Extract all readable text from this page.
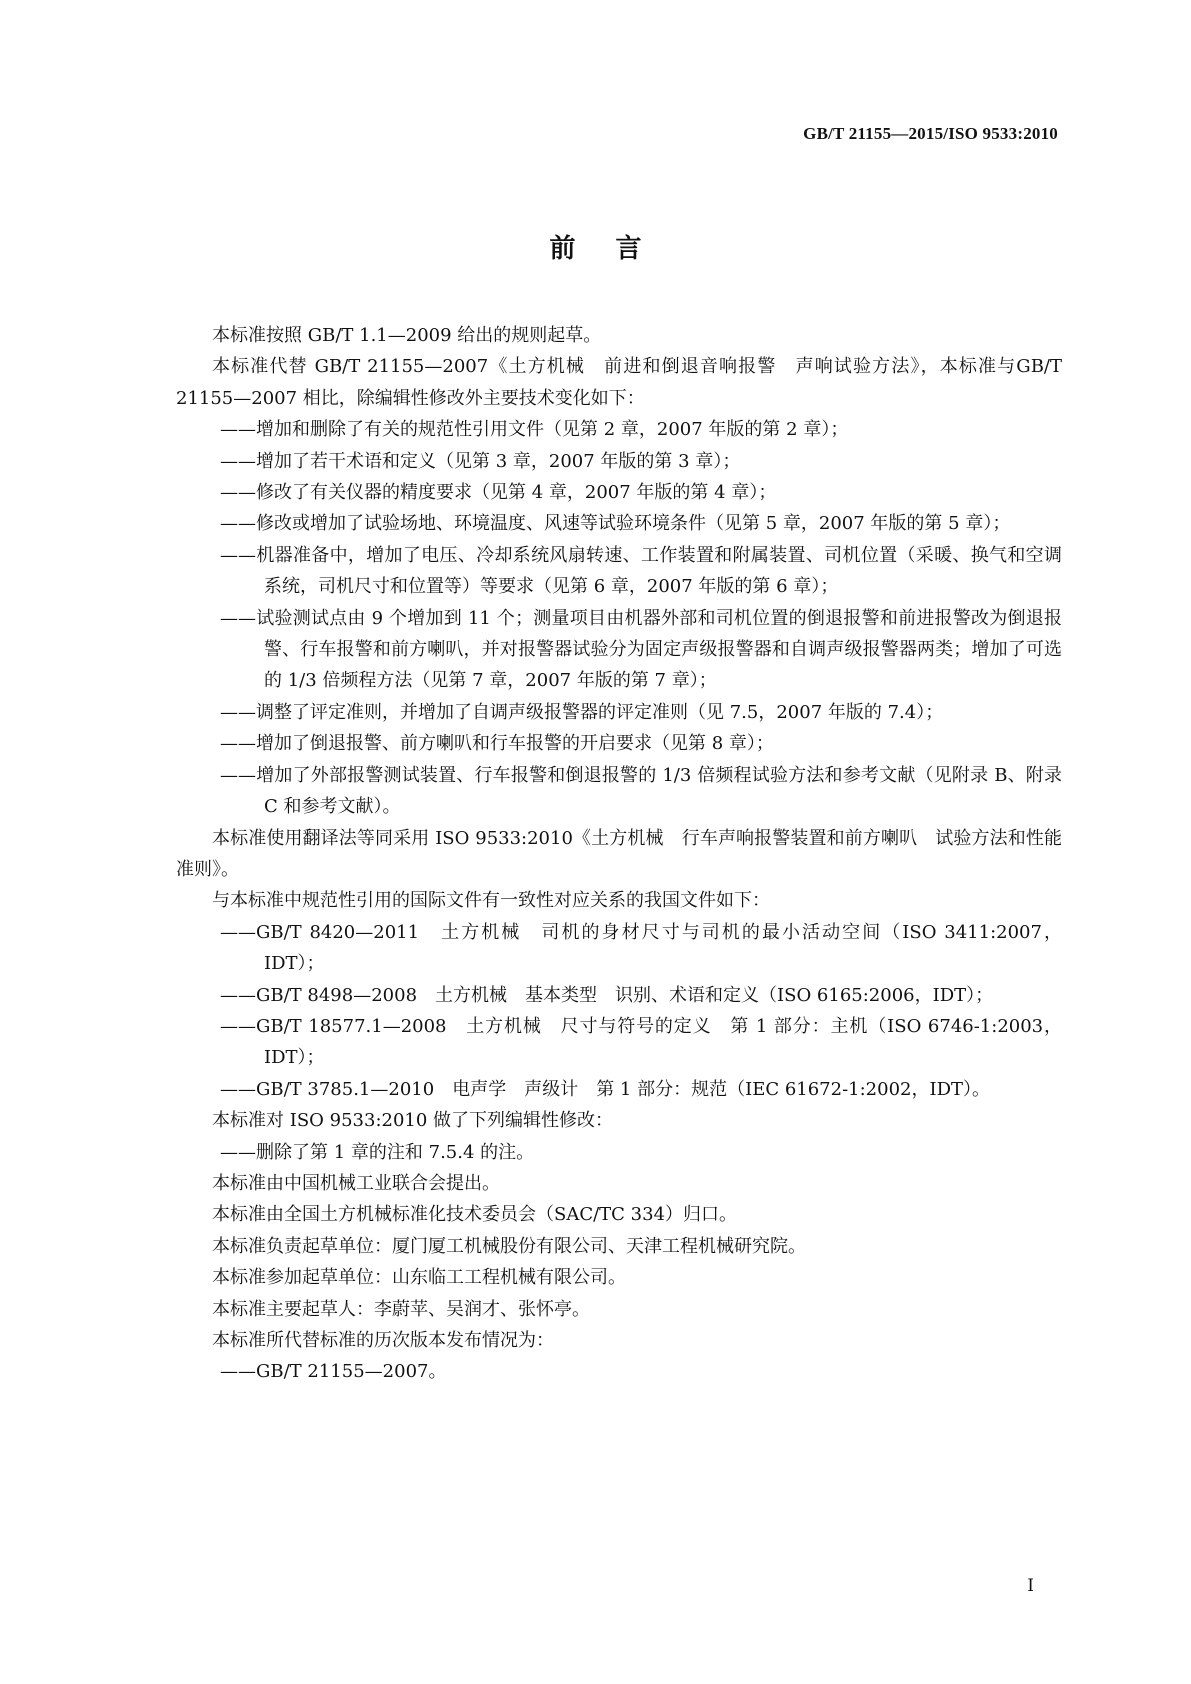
GB/T 21155—2015/ISO 9533:2010
前言

本标准按照 GB/T 1.1—2009 给出的规则起草。

本标准代替 GB/T 21155—2007《土方机械　前进和倒退音响报警　声响试验方法》，本标准与GB/T 21155—2007 相比，除编辑性修改外主要技术变化如下：

——增加和删除了有关的规范性引用文件（见第 2 章，2007 年版的第 2 章）；

——增加了若干术语和定义（见第 3 章，2007 年版的第 3 章）；

——修改了有关仪器的精度要求（见第 4 章，2007 年版的第 4 章）；

——修改或增加了试验场地、环境温度、风速等试验环境条件（见第 5 章，2007 年版的第 5 章）；

——机器准备中，增加了电压、冷却系统风扇转速、工作装置和附属装置、司机位置（采暖、换气和空调系统，司机尺寸和位置等）等要求（见第 6 章，2007 年版的第 6 章）；

——试验测试点由 9 个增加到 11 个；测量项目由机器外部和司机位置的倒退报警和前进报警改为倒退报警、行车报警和前方喇叭，并对报警器试验分为固定声级报警器和自调声级报警器两类；增加了可选的 1/3 倍频程方法（见第 7 章，2007 年版的第 7 章）；

——调整了评定准则，并增加了自调声级报警器的评定准则（见 7.5，2007 年版的 7.4）；

——增加了倒退报警、前方喇叭和行车报警的开启要求（见第 8 章）；

——增加了外部报警测试装置、行车报警和倒退报警的 1/3 倍频程试验方法和参考文献（见附录 B、附录 C 和参考文献）。

本标准使用翻译法等同采用 ISO 9533:2010《土方机械　行车声响报警装置和前方喇叭　试验方法和性能准则》。

与本标准中规范性引用的国际文件有一致性对应关系的我国文件如下：

——GB/T 8420—2011　土方机械　司机的身材尺寸与司机的最小活动空间（ISO 3411:2007，IDT）；

——GB/T 8498—2008　土方机械　基本类型　识别、术语和定义（ISO 6165:2006，IDT）；

——GB/T 18577.1—2008　土方机械　尺寸与符号的定义　第 1 部分：主机（ISO 6746-1:2003，IDT）；

——GB/T 3785.1—2010　电声学　声级计　第 1 部分：规范（IEC 61672-1:2002，IDT）。

本标准对 ISO 9533:2010 做了下列编辑性修改：

——删除了第 1 章的注和 7.5.4 的注。

本标准由中国机械工业联合会提出。

本标准由全国土方机械标准化技术委员会（SAC/TC 334）归口。

本标准负责起草单位：厦门厦工机械股份有限公司、天津工程机械研究院。

本标准参加起草单位：山东临工工程机械有限公司。

本标准主要起草人：李蔚苹、吴润才、张怀亭。

本标准所代替标准的历次版本发布情况为：

——GB/T 21155—2007。

I
